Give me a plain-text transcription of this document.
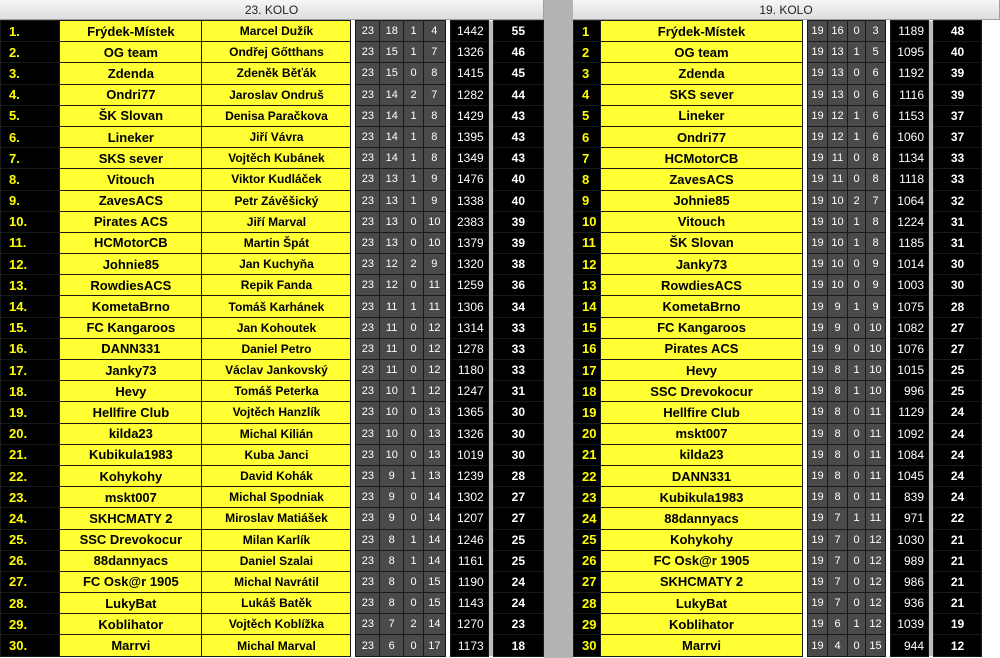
23. KOLO
1.	Frýdek-Místek	Marcel Dužík		23	18	1	4		1442		55
2.	OG team	Ondřej Gőtthans		23	15	1	7		1326		46
3.	Zdenda	Zdeněk Běťák		23	15	0	8		1415		45
4.	Ondri77	Jaroslav Ondruš		23	14	2	7		1282		44
5.	ŠK Slovan	Denisa Paračkova		23	14	1	8		1429		43
6.	Lineker	Jiří Vávra		23	14	1	8		1395		43
7.	SKS sever	Vojtěch Kubánek		23	14	1	8		1349		43
8.	Vitouch	Viktor Kudláček		23	13	1	9		1476		40
9.	ZavesACS	Petr Závěšický		23	13	1	9		1338		40
10.	Pirates ACS	Jiří Marval		23	13	0	10		2383		39
11.	HCMotorCB	Martin Špát		23	13	0	10		1379		39
12.	Johnie85	Jan Kuchyňa		23	12	2	9		1320		38
13.	RowdiesACS	Repik Fanda		23	12	0	11		1259		36
14.	KometaBrno	Tomáš Karhánek		23	11	1	11		1306		34
15.	FC Kangaroos	Jan Kohoutek		23	11	0	12		1314		33
16.	DANN331	Daniel Petro		23	11	0	12		1278		33
17.	Janky73	Václav Jankovský		23	11	0	12		1180		33
18.	Hevy	Tomáš Peterka		23	10	1	12		1247		31
19.	Hellfire Club	Vojtěch Hanzlík		23	10	0	13		1365		30
20.	kilda23	Michal Kilián		23	10	0	13		1326		30
21.	Kubikula1983	Kuba Janci		23	10	0	13		1019		30
22.	Kohykohy	David Kohák		23	9	1	13		1239		28
23.	mskt007	Michal Spodniak		23	9	0	14		1302		27
24.	SKHCMATY 2	Miroslav Matiášek		23	9	0	14		1207		27
25.	SSC Drevokocur	Milan Karlík		23	8	1	14		1246		25
26.	88dannyacs	Daniel Szalai		23	8	1	14		1161		25
27.	FC Osk@r 1905	Michal Navrátil		23	8	0	15		1190		24
28.	LukyBat	Lukáš Batěk		23	8	0	15		1143		24
29.	Koblihator	Vojtěch Koblížka		23	7	2	14		1270		23
30.	Marrvi	Michal Marval		23	6	0	17		1173		18
19. KOLO
1	Frýdek-Místek		19	16	0	3		1189		48
2	OG team		19	13	1	5		1095		40
3	Zdenda		19	13	0	6		1192		39
4	SKS sever		19	13	0	6		1116		39
5	Lineker		19	12	1	6		1153		37
6	Ondri77		19	12	1	6		1060		37
7	HCMotorCB		19	11	0	8		1134		33
8	ZavesACS		19	11	0	8		1118		33
9	Johnie85		19	10	2	7		1064		32
10	Vitouch		19	10	1	8		1224		31
11	ŠK Slovan		19	10	1	8		1185		31
12	Janky73		19	10	0	9		1014		30
13	RowdiesACS		19	10	0	9		1003		30
14	KometaBrno		19	9	1	9		1075		28
15	FC Kangaroos		19	9	0	10		1082		27
16	Pirates ACS		19	9	0	10		1076		27
17	Hevy		19	8	1	10		1015		25
18	SSC Drevokocur		19	8	1	10		996		25
19	Hellfire Club		19	8	0	11		1129		24
20	mskt007		19	8	0	11		1092		24
21	kilda23		19	8	0	11		1084		24
22	DANN331		19	8	0	11		1045		24
23	Kubikula1983		19	8	0	11		839		24
24	88dannyacs		19	7	1	11		971		22
25	Kohykohy		19	7	0	12		1030		21
26	FC Osk@r 1905		19	7	0	12		989		21
27	SKHCMATY 2		19	7	0	12		986		21
28	LukyBat		19	7	0	12		936		21
29	Koblihator		19	6	1	12		1039		19
30	Marrvi		19	4	0	15		944		12
